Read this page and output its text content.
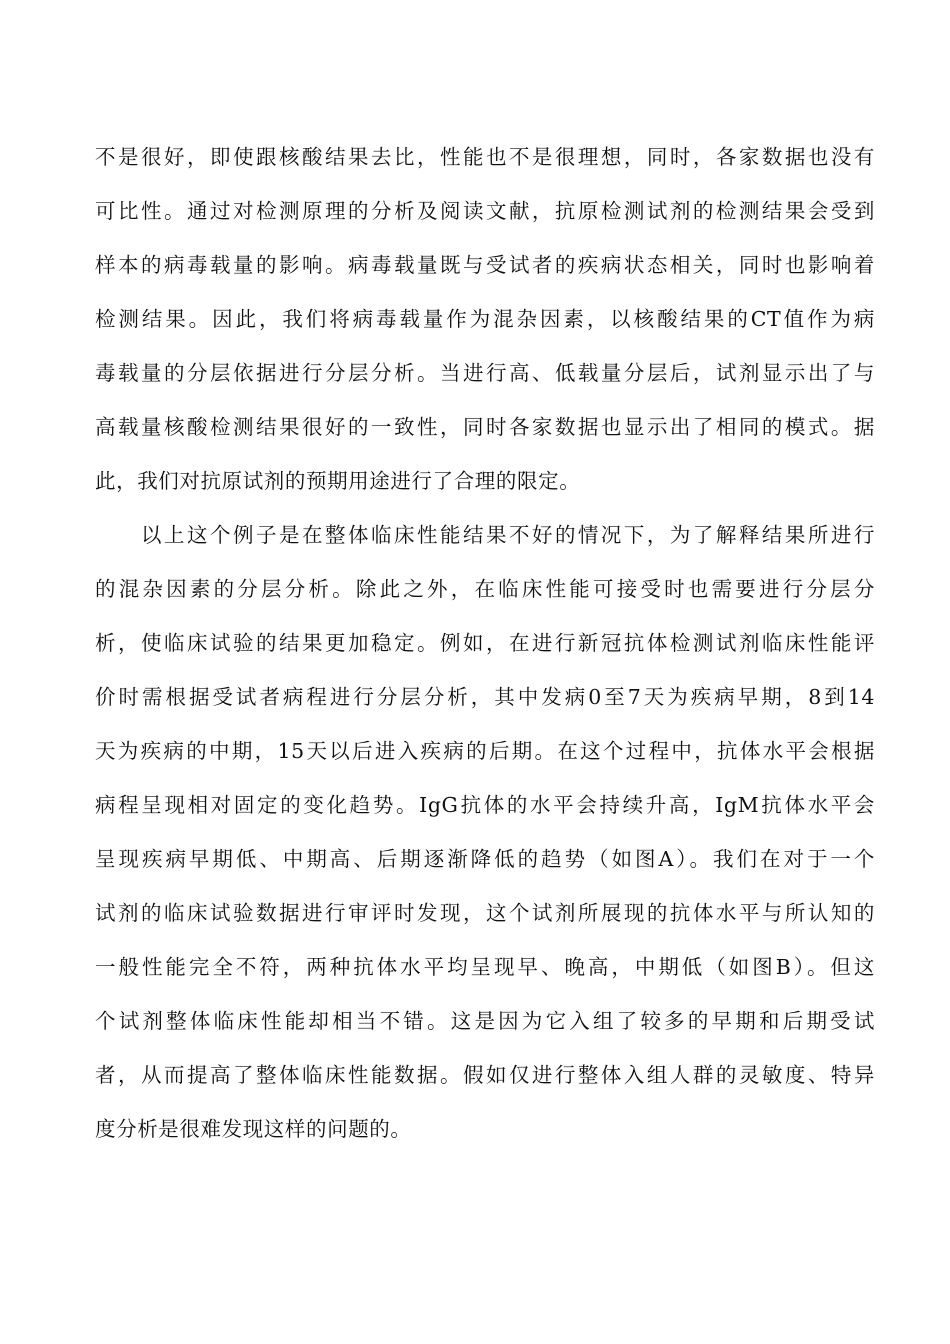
不是很好，即使跟核酸结果去比，性能也不是很理想，同时，各家数据也没有
可比性。通过对检测原理的分析及阅读文献，抗原检测试剂的检测结果会受到
样本的病毒载量的影响。病毒载量既与受试者的疾病状态相关，同时也影响着
检测结果。因此，我们将病毒载量作为混杂因素，以核酸结果的CT值作为病
毒载量的分层依据进行分层分析。当进行高、低载量分层后，试剂显示出了与
高载量核酸检测结果很好的一致性，同时各家数据也显示出了相同的模式。据
此，我们对抗原试剂的预期用途进行了合理的限定。
以上这个例子是在整体临床性能结果不好的情况下，为了解释结果所进行
的混杂因素的分层分析。除此之外，在临床性能可接受时也需要进行分层分
析，使临床试验的结果更加稳定。例如，在进行新冠抗体检测试剂临床性能评
价时需根据受试者病程进行分层分析，其中发病0至7天为疾病早期，8到14
天为疾病的中期，15天以后进入疾病的后期。在这个过程中，抗体水平会根据
病程呈现相对固定的变化趋势。IgG抗体的水平会持续升高，IgM抗体水平会
呈现疾病早期低、中期高、后期逐渐降低的趋势（如图A）。我们在对于一个
试剂的临床试验数据进行审评时发现，这个试剂所展现的抗体水平与所认知的
一般性能完全不符，两种抗体水平均呈现早、晚高，中期低（如图B）。但这
个试剂整体临床性能却相当不错。这是因为它入组了较多的早期和后期受试
者，从而提高了整体临床性能数据。假如仅进行整体入组人群的灵敏度、特异
度分析是很难发现这样的问题的。
